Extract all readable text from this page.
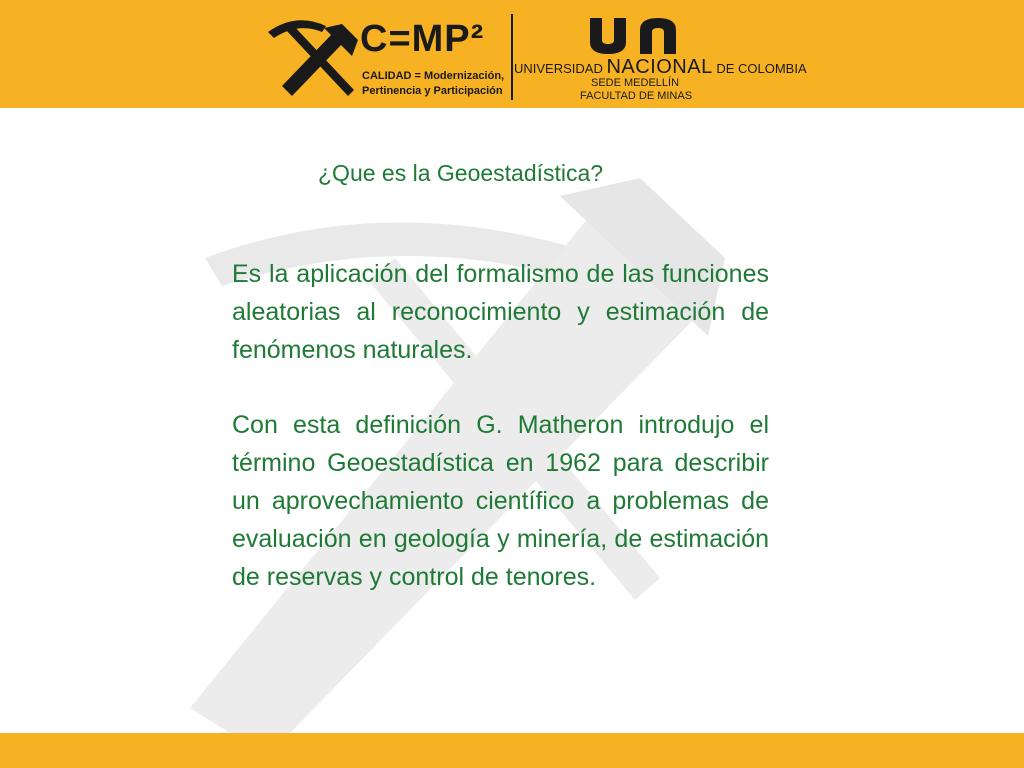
C=MP²
CALIDAD = Modernización,
Pertinencia y Participación
UNIVERSIDAD NACIONAL DE COLOMBIA
SEDE MEDELLÍN
FACULTAD DE MINAS
¿Que es la Geoestadística?

Es la aplicación del formalismo de las funciones aleatorias al reconocimiento y estimación de fenómenos naturales.

Con esta definición G. Matheron introdujo el término Geoestadística en 1962 para describir un aprovechamiento científico a problemas de evaluación en geología y minería, de estimación de reservas y control de tenores.
